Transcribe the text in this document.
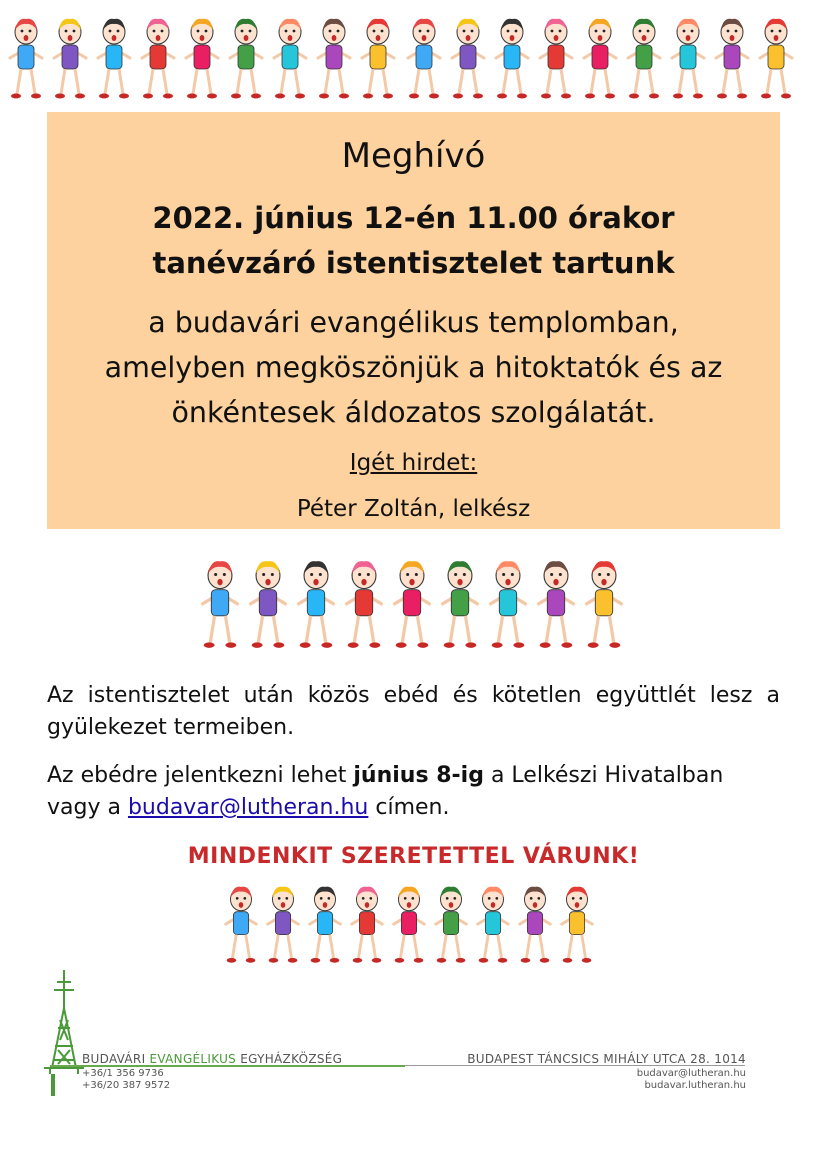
Meghívó
2022. június 12-én 11.00 órakor
tanévzáró istentisztelet tartunk
a budavári evangélikus templomban,
amelyben megköszönjük a hitoktatók és az
önkéntesek áldozatos szolgálatát.
Igét hirdet:
Péter Zoltán, lelkész
Az istentisztelet után közös ebéd és kötetlen együttlét lesz a gyülekezet termeiben.
Az ebédre jelentkezni lehet június 8-ig a Lelkészi Hivatalban vagy a budavar@lutheran.hu címen.
MINDENKIT SZERETETTEL VÁRUNK!
BUDAVÁRI EVANGÉLIKUS EGYHÁZKÖZSÉG
+36/1 356 9736
+36/20 387 9572
BUDAPEST TÁNCSICS MIHÁLY UTCA 28. 1014
budavar@lutheran.hu
budavar.lutheran.hu
